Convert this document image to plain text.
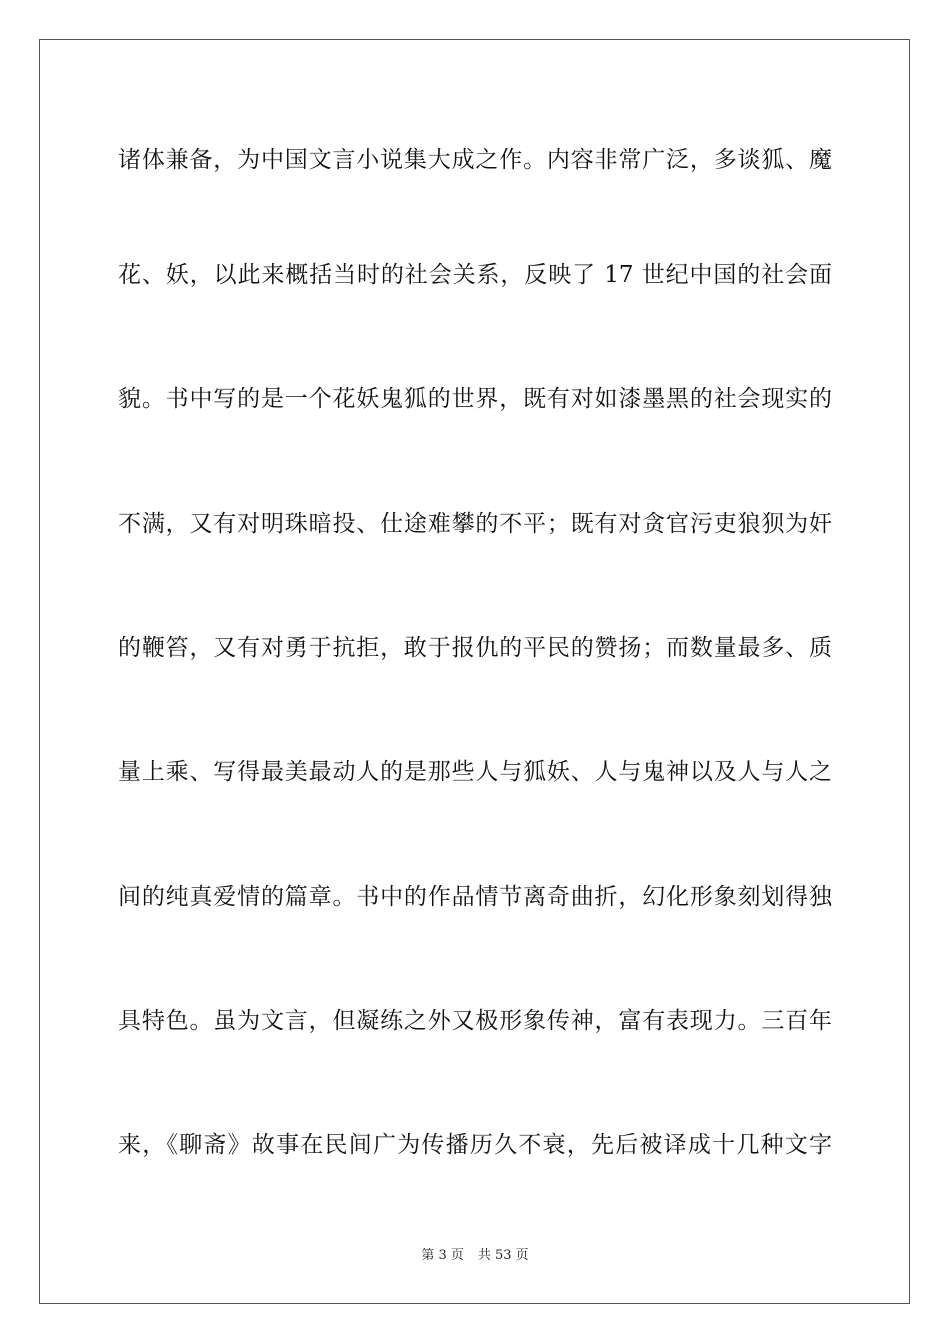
诸体兼备，为中国文言小说集大成之作。内容非常广泛，多谈狐、魔
花、妖，以此来概括当时的社会关系，反映了 17 世纪中国的社会面
貌。书中写的是一个花妖鬼狐的世界，既有对如漆墨黑的社会现实的
不满，又有对明珠暗投、仕途难攀的不平；既有对贪官污吏狼狈为奸
的鞭笞，又有对勇于抗拒，敢于报仇的平民的赞扬；而数量最多、质
量上乘、写得最美最动人的是那些人与狐妖、人与鬼神以及人与人之
间的纯真爱情的篇章。书中的作品情节离奇曲折，幻化形象刻划得独
具特色。虽为文言，但凝练之外又极形象传神，富有表现力。三百年
来，《聊斋》故事在民间广为传播历久不衰，先后被译成十几种文字
第 3 页 共 53 页
